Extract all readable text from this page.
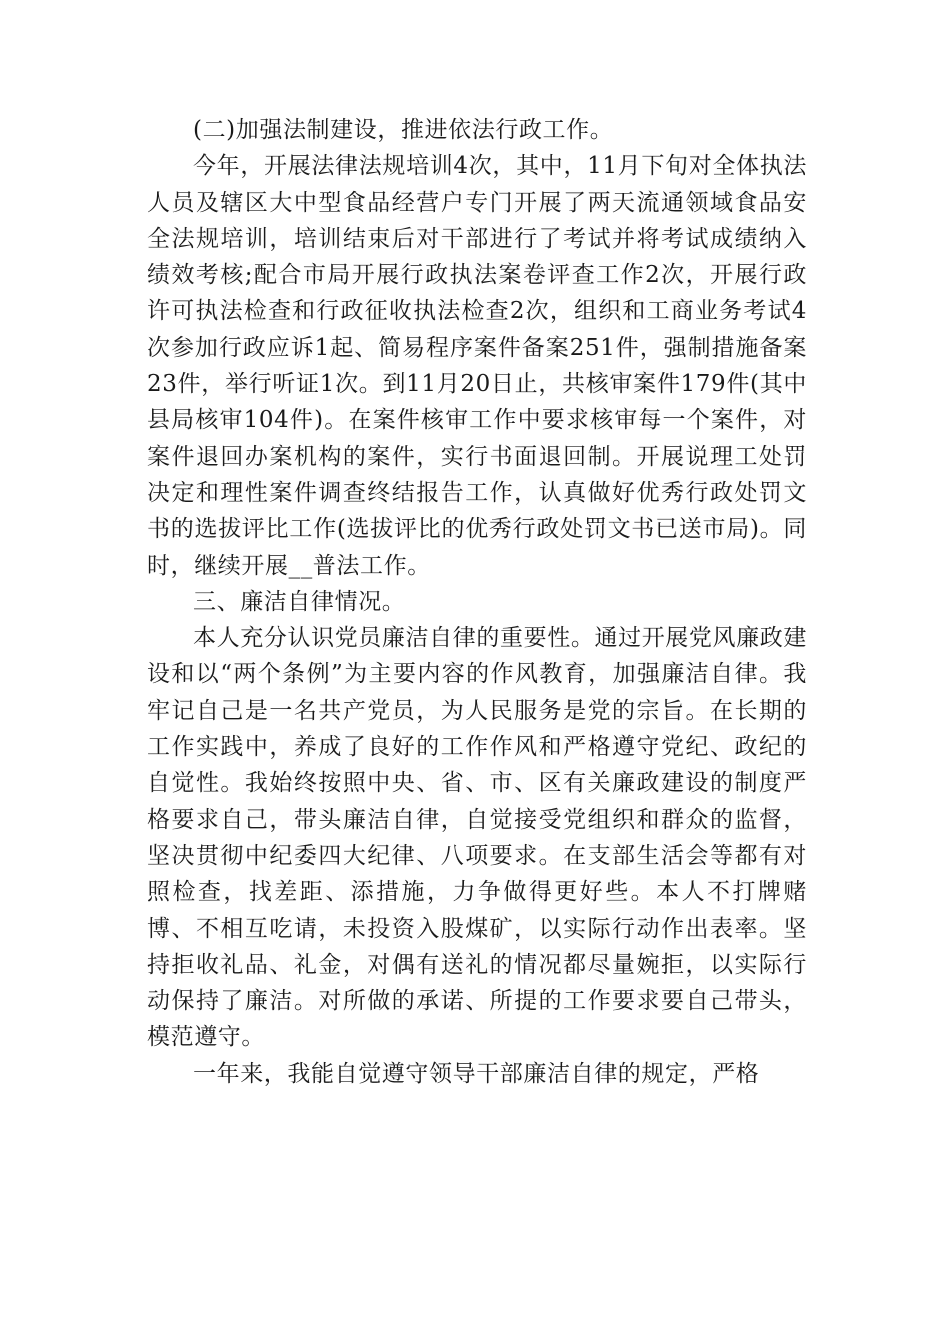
(二)加强法制建设，推进依法行政工作。

今年，开展法律法规培训4次，其中，11月下旬对全体执法人员及辖区大中型食品经营户专门开展了两天流通领域食品安全法规培训，培训结束后对干部进行了考试并将考试成绩纳入绩效考核;配合市局开展行政执法案卷评查工作2次，开展行政许可执法检查和行政征收执法检查2次，组织和工商业务考试4次参加行政应诉1起、简易程序案件备案251件，强制措施备案23件，举行听证1次。到11月20日止，共核审案件179件(其中县局核审104件)。在案件核审工作中要求核审每一个案件，对案件退回办案机构的案件，实行书面退回制。开展说理工处罚决定和理性案件调查终结报告工作，认真做好优秀行政处罚文书的选拔评比工作(选拔评比的优秀行政处罚文书已送市局)。同时，继续开展__普法工作。

三、廉洁自律情况。

本人充分认识党员廉洁自律的重要性。通过开展党风廉政建设和以“两个条例”为主要内容的作风教育，加强廉洁自律。我牢记自己是一名共产党员，为人民服务是党的宗旨。在长期的工作实践中，养成了良好的工作作风和严格遵守党纪、政纪的自觉性。我始终按照中央、省、市、区有关廉政建设的制度严格要求自己，带头廉洁自律，自觉接受党组织和群众的监督，坚决贯彻中纪委四大纪律、八项要求。在支部生活会等都有对照检查，找差距、添措施，力争做得更好些。本人不打牌赌博、不相互吃请，未投资入股煤矿，以实际行动作出表率。坚持拒收礼品、礼金，对偶有送礼的情况都尽量婉拒，以实际行动保持了廉洁。对所做的承诺、所提的工作要求要自己带头，模范遵守。

一年来，我能自觉遵守领导干部廉洁自律的规定，严格
